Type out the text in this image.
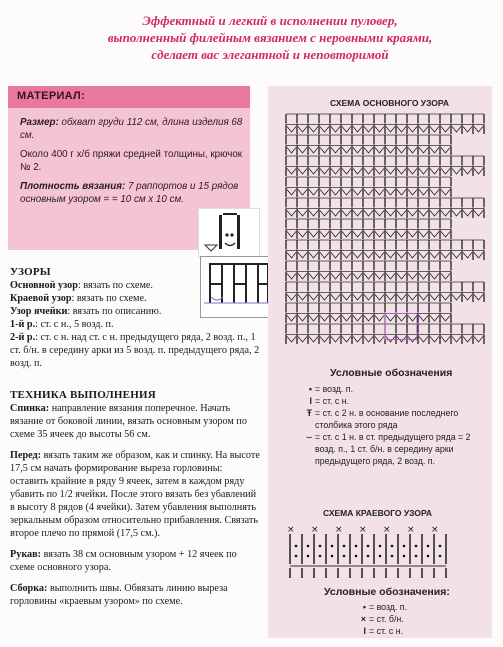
Эффектный и легкий в исполнении пуловер,
выполненный филейным вязанием с неровными краями,
сделает вас элегантной и неповторимой
МАТЕРИАЛ:

Размер: обхват груди 112 см, длина изделия 68 см.

Около 400 г х/б пряжи средней толщины, крючок № 2.

Плотность вязания: 7 раппортов и 15 рядов основным узором = = 10 см х 10 см.

УЗОРЫ

Основной узор: вязать по схеме.

Краевой узор: вязать по схеме.

Узор ячейки: вязать по описанию.

1-й р.: ст. с н., 5 возд. п.

2-й р.: ст. с н. над ст. с н. предыдущего ряда, 2 возд. п., 1 ст. б/н. в середину арки из 5 возд. п. предыдущего ряда, 2 возд. п.

ТЕХНИКА ВЫПОЛНЕНИЯ

Спинка: направление вязания поперечное. Начать вязание от боковой линии, вязать основным узором по схеме 35 ячеек до высоты 56 см.

Перед: вязать таким же образом, как и спинку. На высоте 17,5 см начать формирование выреза горловины: оставить крайние в ряду 9 ячеек, затем в каждом ряду убавить по 1/2 ячейки. После этого вязать без убавлений в высоту 8 рядов (4 ячейки). Затем убавления выполнять зеркальным образом относительно прибавления. Связать второе плечо по прямой (17,5 см.).

Рукав: вязать 38 см основным узором + 12 ячеек по схеме основного узора.

Сборка: выполнить швы. Обвязать линию выреза горловины «краевым узором» по схеме.

СХЕМА ОСНОВНОГО УЗОРА
Условные обозначения
• = возд. п.
I = ст. с н.
Ŧ = ст. с 2 н. в основание последнего столбика этого ряда
⌣ = ст. с 1 н. в ст. предыдущего ряда = 2 возд. п., 1 ст. б/н. в середину арки предыдущего ряда, 2 возд. п.
СХЕМА КРАЕВОГО УЗОРА
× × × × × × ×
Условные обозначения:
• = возд. п.
× = ст. б/н.
I = ст. с н.
